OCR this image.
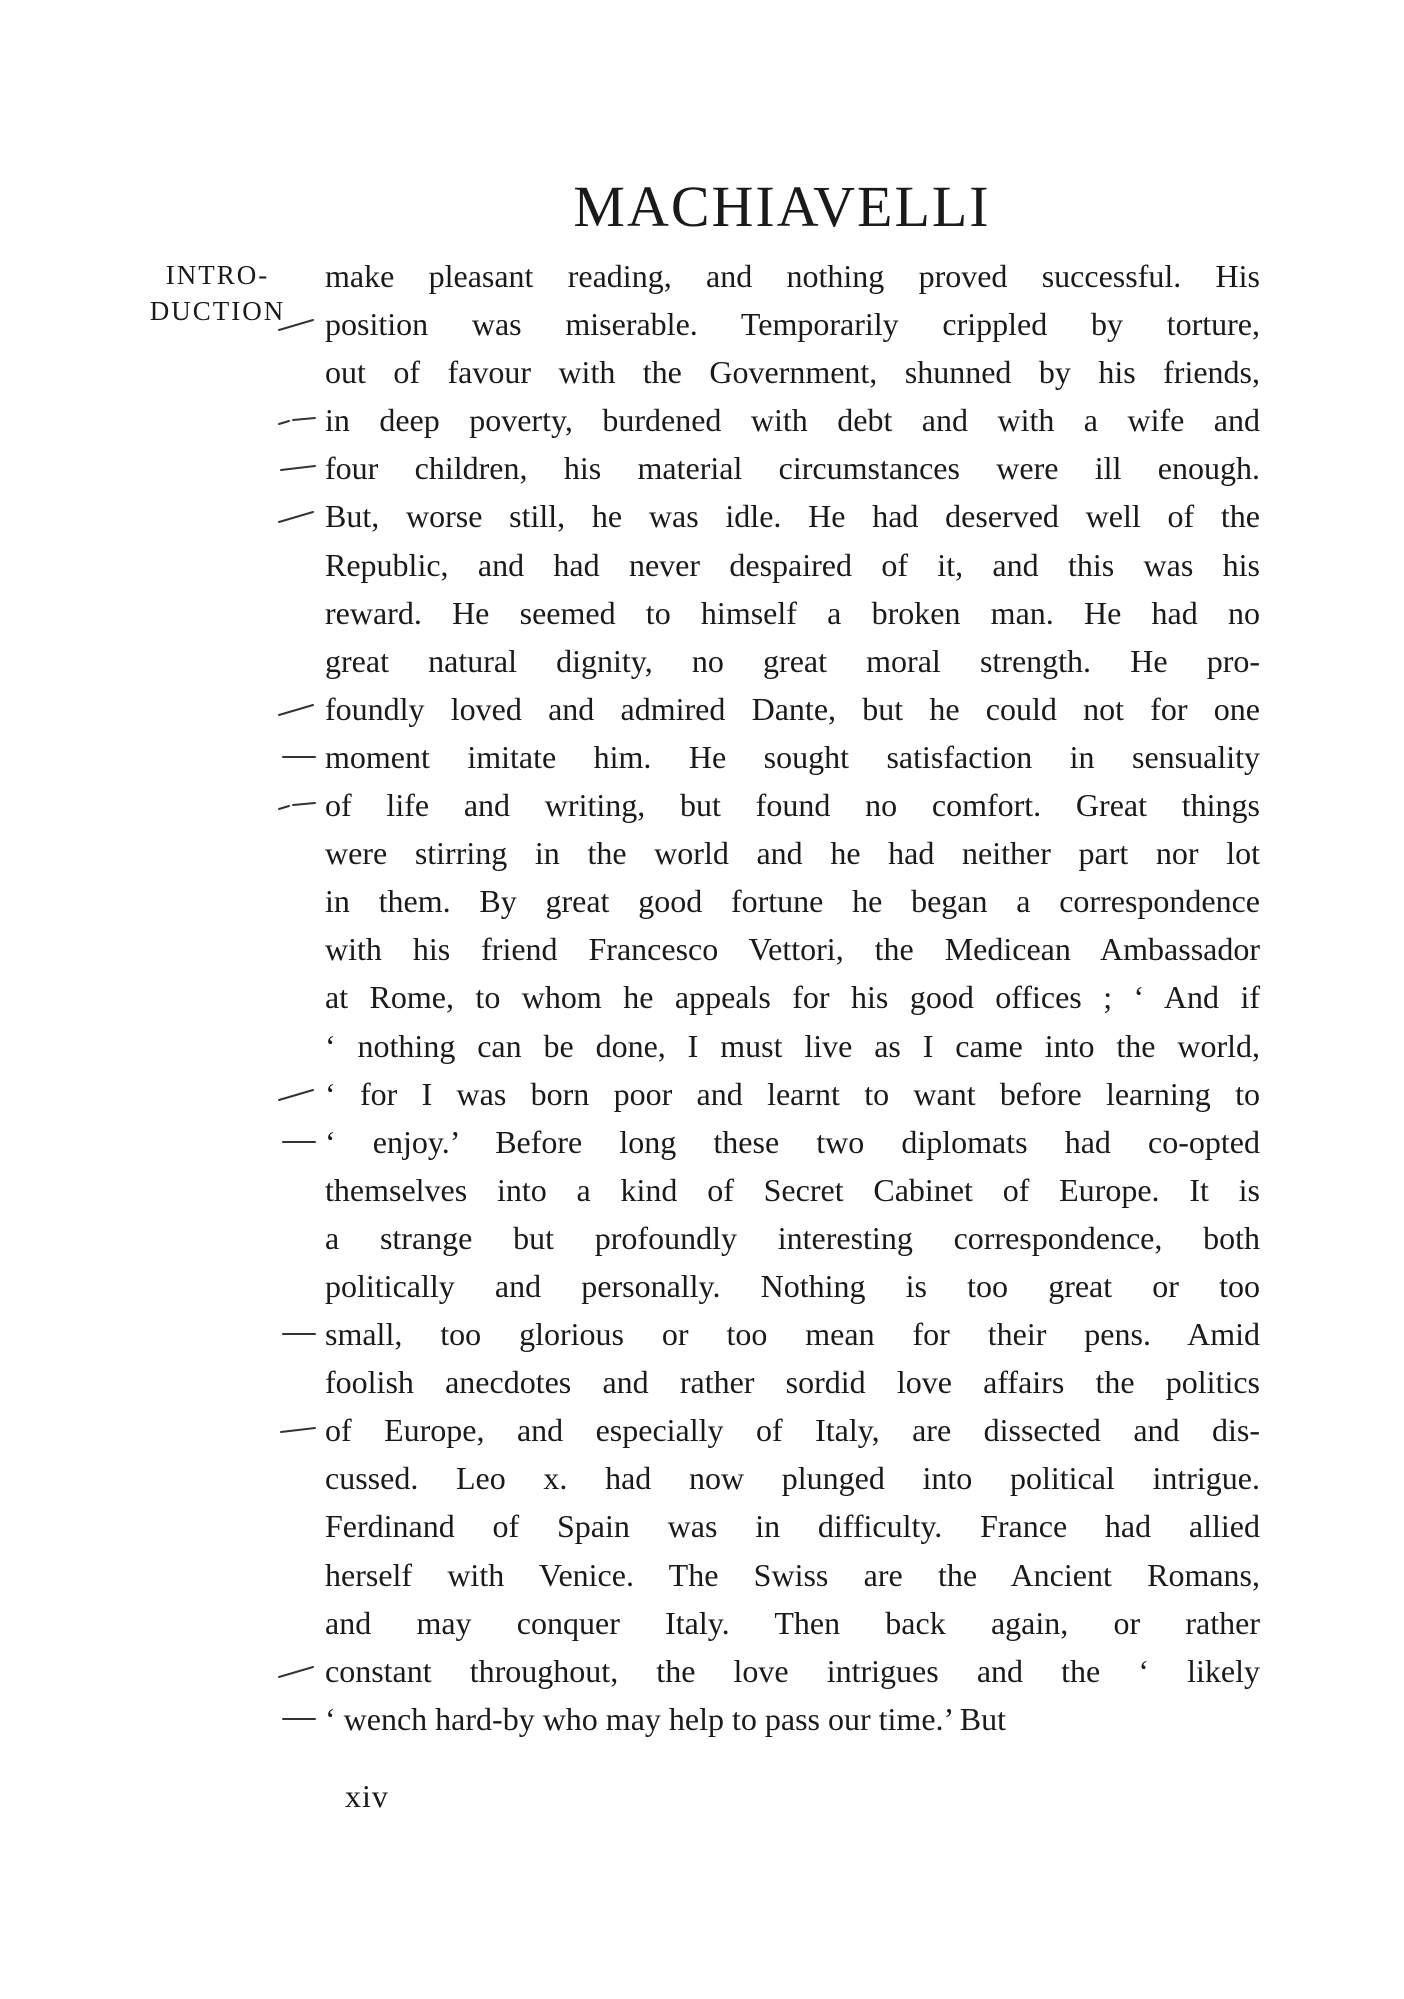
MACHIAVELLI
INTRO-
DUCTION
make pleasant reading, and nothing proved successful. His
position was miserable. Temporarily crippled by torture,
out of favour with the Government, shunned by his friends,
in deep poverty, burdened with debt and with a wife and
four children, his material circumstances were ill enough.
But, worse still, he was idle. He had deserved well of the
Republic, and had never despaired of it, and this was his
reward. He seemed to himself a broken man. He had no
great natural dignity, no great moral strength. He pro-
foundly loved and admired Dante, but he could not for one
moment imitate him. He sought satisfaction in sensuality
of life and writing, but found no comfort. Great things
were stirring in the world and he had neither part nor lot
in them. By great good fortune he began a correspondence
with his friend Francesco Vettori, the Medicean Ambassador
at Rome, to whom he appeals for his good offices ; ‘ And if
‘ nothing can be done, I must live as I came into the world,
‘ for I was born poor and learnt to want before learning to
‘ enjoy.’ Before long these two diplomats had co-opted
themselves into a kind of Secret Cabinet of Europe. It is
a strange but profoundly interesting correspondence, both
politically and personally. Nothing is too great or too
small, too glorious or too mean for their pens. Amid
foolish anecdotes and rather sordid love affairs the politics
of Europe, and especially of Italy, are dissected and dis-
cussed. Leo x. had now plunged into political intrigue.
Ferdinand of Spain was in difficulty. France had allied
herself with Venice. The Swiss are the Ancient Romans,
and may conquer Italy. Then back again, or rather
constant throughout, the love intrigues and the ‘ likely
‘ wench hard-by who may help to pass our time.’ But
xiv
